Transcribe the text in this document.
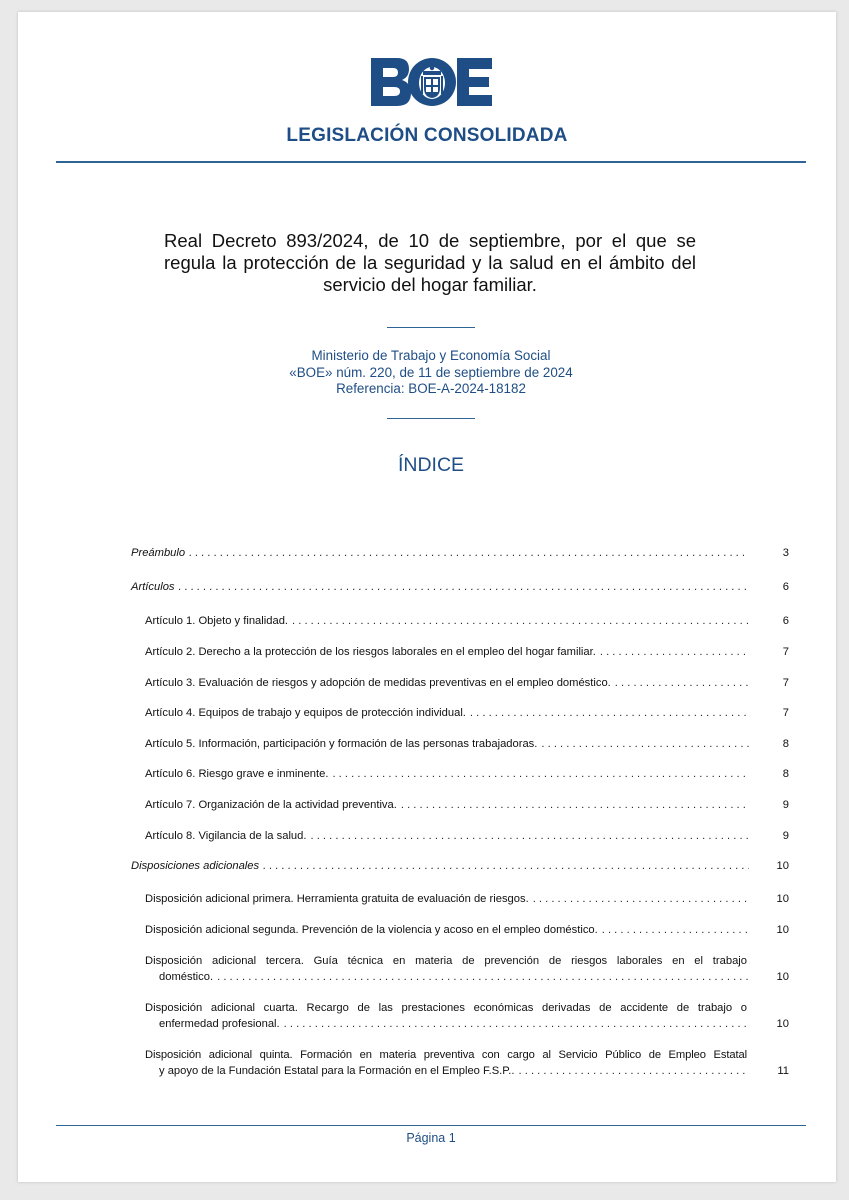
LEGISLACIÓN CONSOLIDADA
Real Decreto 893/2024, de 10 de septiembre, por el que se regula la protección de la seguridad y la salud en el ámbito del servicio del hogar familiar.
Ministerio de Trabajo y Economía Social
«BOE» núm. 220, de 11 de septiembre de 2024
Referencia: BOE-A-2024-18182
ÍNDICE
Preámbulo . . .	3
Artículos . . .	6
Artículo 1. Objeto y finalidad. . . .	6
Artículo 2. Derecho a la protección de los riesgos laborales en el empleo del hogar familiar. . . .	7
Artículo 3. Evaluación de riesgos y adopción de medidas preventivas en el empleo doméstico. . . .	7
Artículo 4. Equipos de trabajo y equipos de protección individual. . . .	7
Artículo 5. Información, participación y formación de las personas trabajadoras. . . .	8
Artículo 6. Riesgo grave e inminente. . . .	8
Artículo 7. Organización de la actividad preventiva. . . .	9
Artículo 8. Vigilancia de la salud. . . .	9
Disposiciones adicionales . . .	10
Disposición adicional primera. Herramienta gratuita de evaluación de riesgos. . . .	10
Disposición adicional segunda. Prevención de la violencia y acoso en el empleo doméstico. . . .	10
Disposición adicional tercera. Guía técnica en materia de prevención de riesgos laborales en el trabajo
doméstico. . . .	10
Disposición adicional cuarta. Recargo de las prestaciones económicas derivadas de accidente de trabajo o
enfermedad profesional. . . .	10
Disposición adicional quinta. Formación en materia preventiva con cargo al Servicio Público de Empleo Estatal
y apoyo de la Fundación Estatal para la Formación en el Empleo F.S.P.. . . .	11
Página 1
